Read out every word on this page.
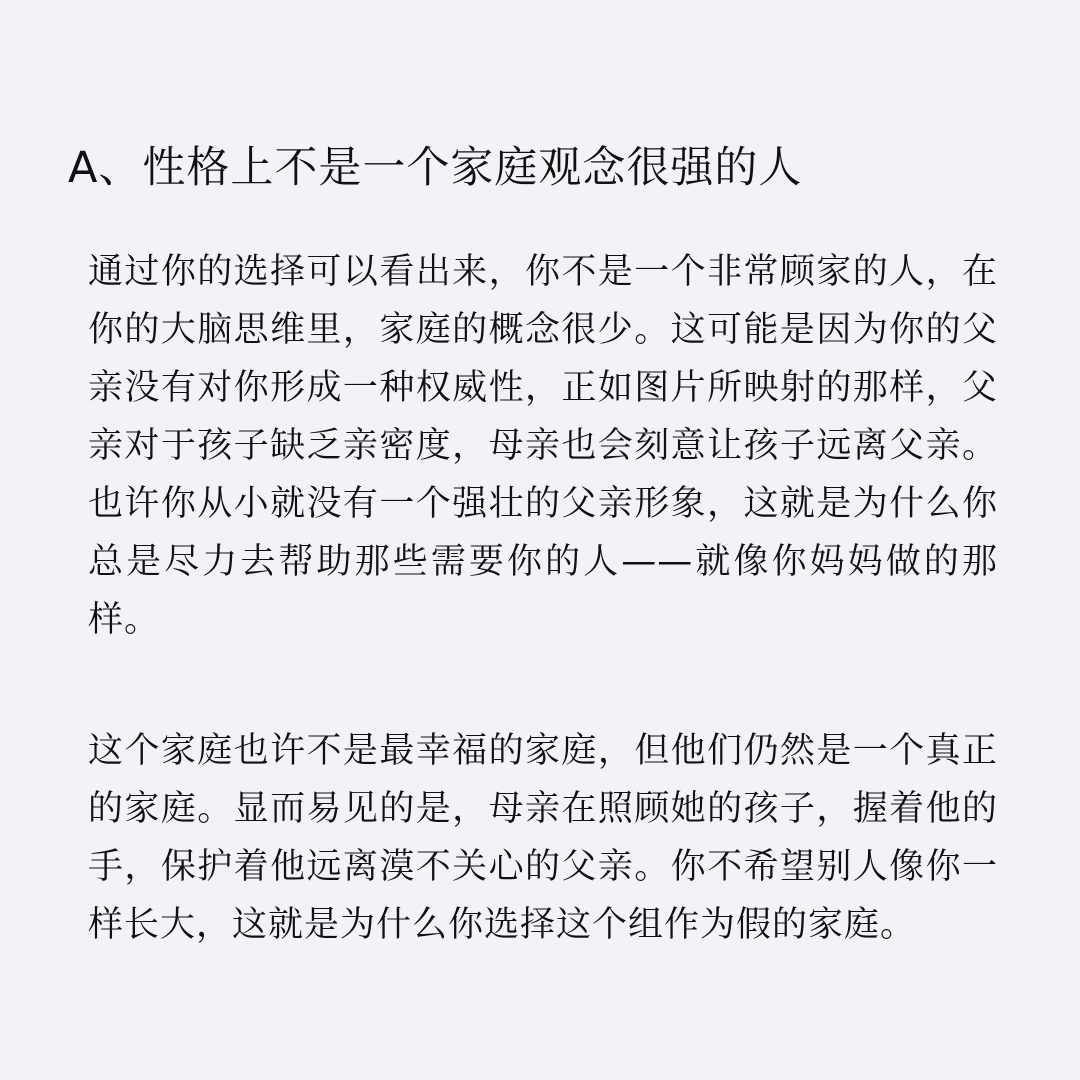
A、性格上不是一个家庭观念很强的人

通过你的选择可以看出来，你不是一个非常顾家的人，在你的大脑思维里，家庭的概念很少。这可能是因为你的父亲没有对你形成一种权威性，正如图片所映射的那样，父亲对于孩子缺乏亲密度，母亲也会刻意让孩子远离父亲。也许你从小就没有一个强壮的父亲形象，这就是为什么你总是尽力去帮助那些需要你的人——就像你妈妈做的那样。

这个家庭也许不是最幸福的家庭，但他们仍然是一个真正的家庭。显而易见的是，母亲在照顾她的孩子，握着他的手，保护着他远离漠不关心的父亲。你不希望别人像你一样长大，这就是为什么你选择这个组作为假的家庭。
